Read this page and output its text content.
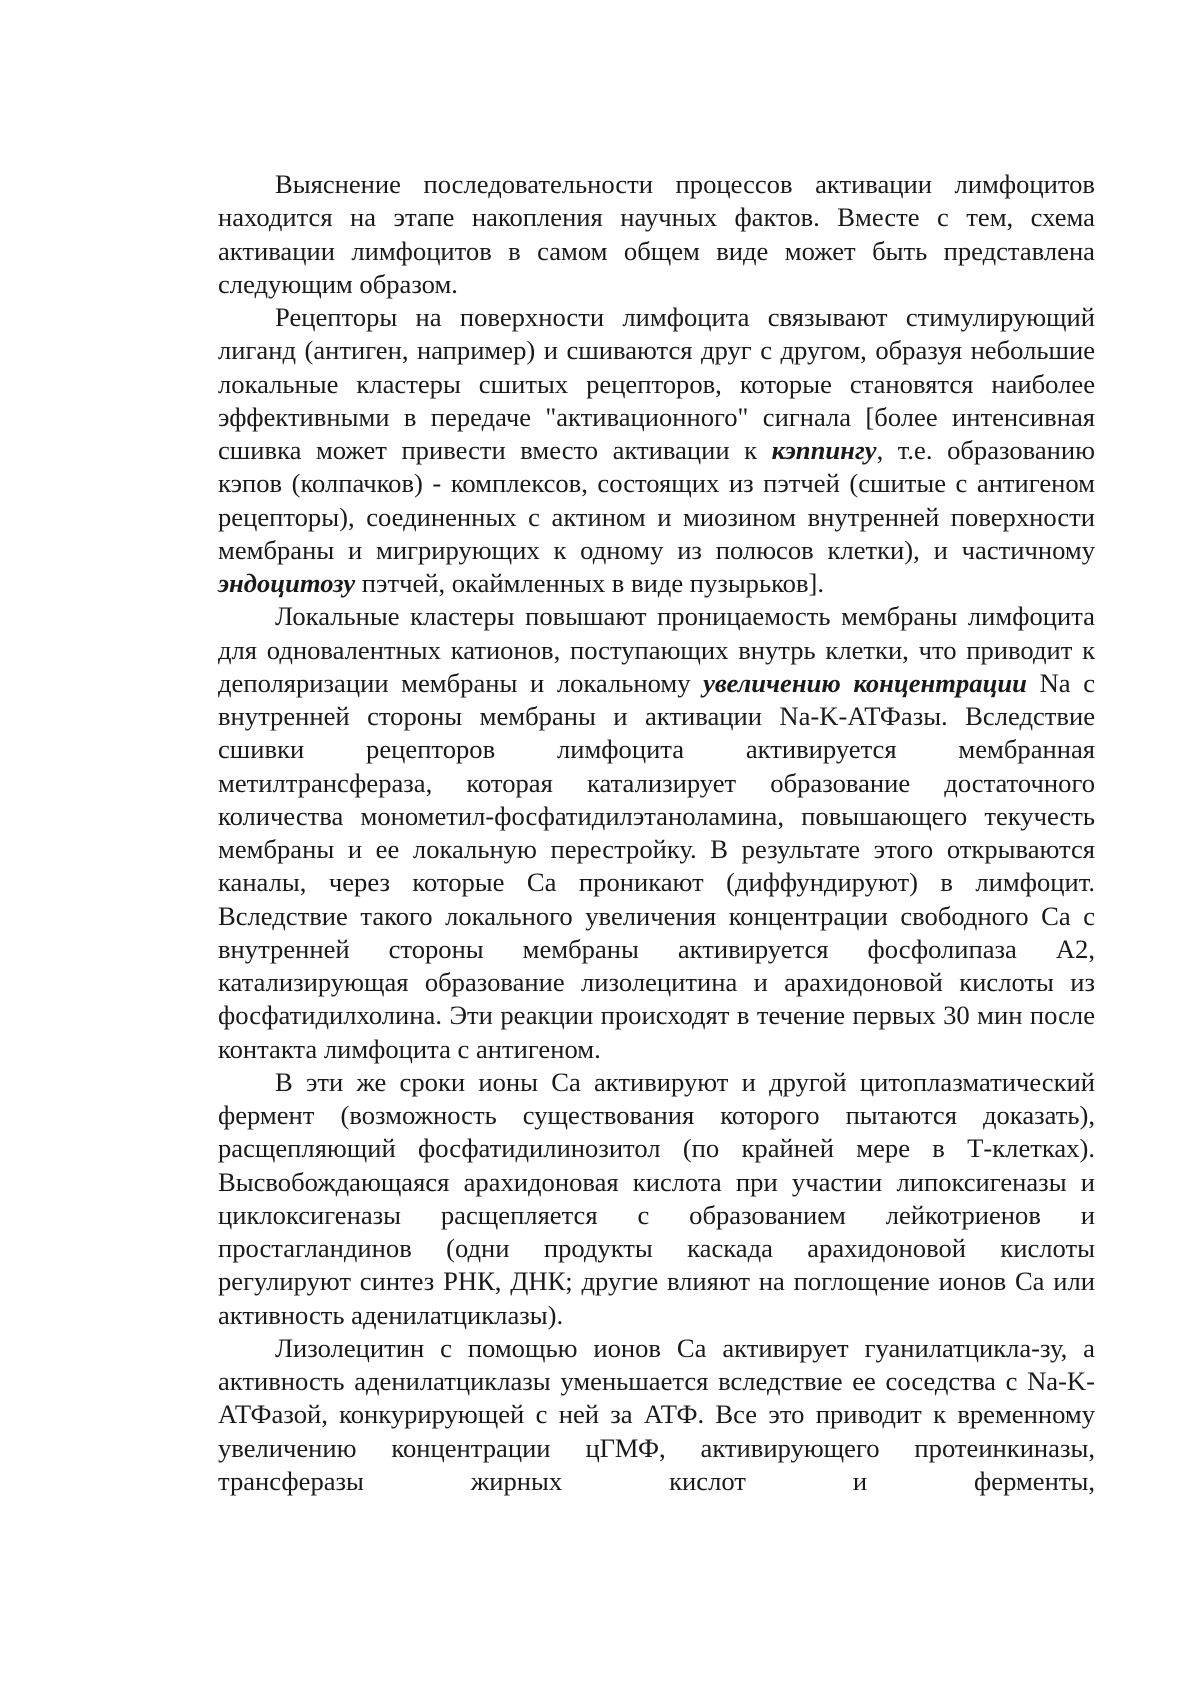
Выяснение последовательности процессов активации лимфоцитов находится на этапе накопления научных фактов. Вместе с тем, схема активации лимфоцитов в самом общем виде может быть представлена следующим образом.

Рецепторы на поверхности лимфоцита связывают стимулирующий лиганд (антиген, например) и сшиваются друг с другом, образуя небольшие локальные кластеры сшитых рецепторов, которые становятся наиболее эффективными в передаче "активационного" сигнала [более интенсивная сшивка может привести вместо активации к кэппингу, т.е. образованию кэпов (колпачков) - комплексов, состоящих из пэтчей (сшитые с антигеном рецепторы), соединенных с актином и миозином внутренней поверхности мембраны и мигрирующих к одному из полюсов клетки), и частичному эндоцитозу пэтчей, окаймленных в виде пузырьков].

Локальные кластеры повышают проницаемость мембраны лимфоцита для одновалентных катионов, поступающих внутрь клетки, что приводит к деполяризации мембраны и локальному увеличению концентрации Na с внутренней стороны мембраны и активации Na-K-АТФазы. Вследствие сшивки рецепторов лимфоцита активируется мембранная метилтрансфераза, которая катализирует образование достаточного количества монометил-фосфатидилэтаноламина, повышающего текучесть мембраны и ее локальную перестройку. В результате этого открываются каналы, через которые Са проникают (диффундируют) в лимфоцит. Вследствие такого локального увеличения концентрации свободного Са с внутренней стороны мембраны активируется фосфолипаза А2, катализирующая образование лизолецитина и арахидоновой кислоты из фосфатидилхолина. Эти реакции происходят в течение первых 30 мин после контакта лимфоцита с антигеном.

В эти же сроки ионы Са активируют и другой цитоплазматический фермент (возможность существования которого пытаются доказать), расщепляющий фосфатидилинозитол (по крайней мере в Т-клетках). Высвобождающаяся арахидоновая кислота при участии липоксигеназы и циклоксигеназы расщепляется с образованием лейкотриенов и простагландинов (одни продукты каскада арахидоновой кислоты регулируют синтез РНК, ДНК; другие влияют на поглощение ионов Са или активность аденилатциклазы).

Лизолецитин с помощью ионов Са активирует гуанилатцикла-зу, а активность аденилатциклазы уменьшается вследствие ее соседства с Na-K-АТФазой, конкурирующей с ней за АТФ. Все это приводит к временному увеличению концентрации цГМФ, активирующего протеинкиназы, трансферазы жирных кислот и ферменты,
